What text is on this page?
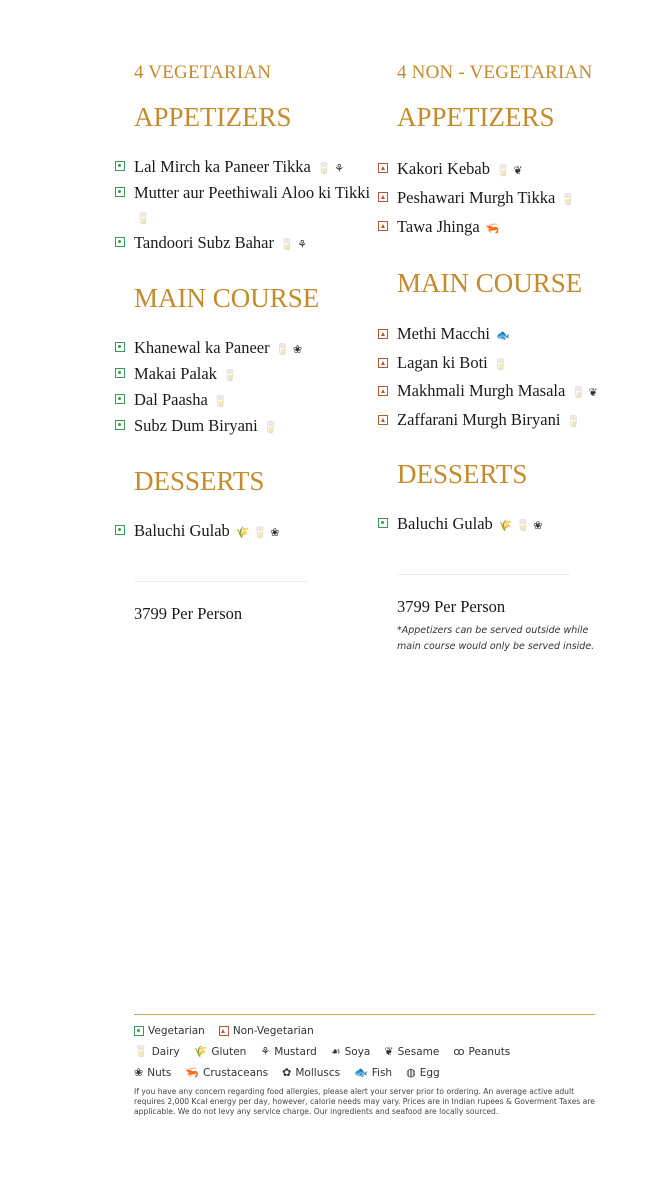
4 VEGETARIAN
APPETIZERS
Lal Mirch ka Paneer Tikka 🥛 ⚘
Mutter aur Peethiwali Aloo ki Tikki 🥛
Tandoori Subz Bahar 🥛 ⚘
MAIN COURSE
Khanewal ka Paneer 🥛 ❀
Makai Palak 🥛
Dal Paasha 🥛
Subz Dum Biryani 🥛
DESSERTS
Baluchi Gulab 🌾 🥛 ❀
3799 Per Person
4 NON - VEGETARIAN
APPETIZERS
Kakori Kebab 🥛 ❦
Peshawari Murgh Tikka 🥛
Tawa Jhinga 🦐
MAIN COURSE
Methi Macchi 🐟
Lagan ki Boti 🥛
Makhmali Murgh Masala 🥛 ❦
Zaffarani Murgh Biryani 🥛
DESSERTS
Baluchi Gulab 🌾 🥛 ❀
3799 Per Person
*Appetizers can be served outside while main course would only be served inside.
Vegetarian	Non-Vegetarian
🥛 Dairy 🌾 Gluten ⚘ Mustard ☙ Soya ❦ Sesame ꝏ Peanuts
❀ Nuts 🦐 Crustaceans ✿ Molluscs 🐟 Fish ◍ Egg
If you have any concern regarding food allergies, please alert your server prior to ordering. An average active adult requires 2,000 Kcal energy per day, however, calorie needs may vary. Prices are in Indian rupees & Goverment Taxes are applicable. We do not levy any service charge. Our ingredients and seafood are locally sourced.
